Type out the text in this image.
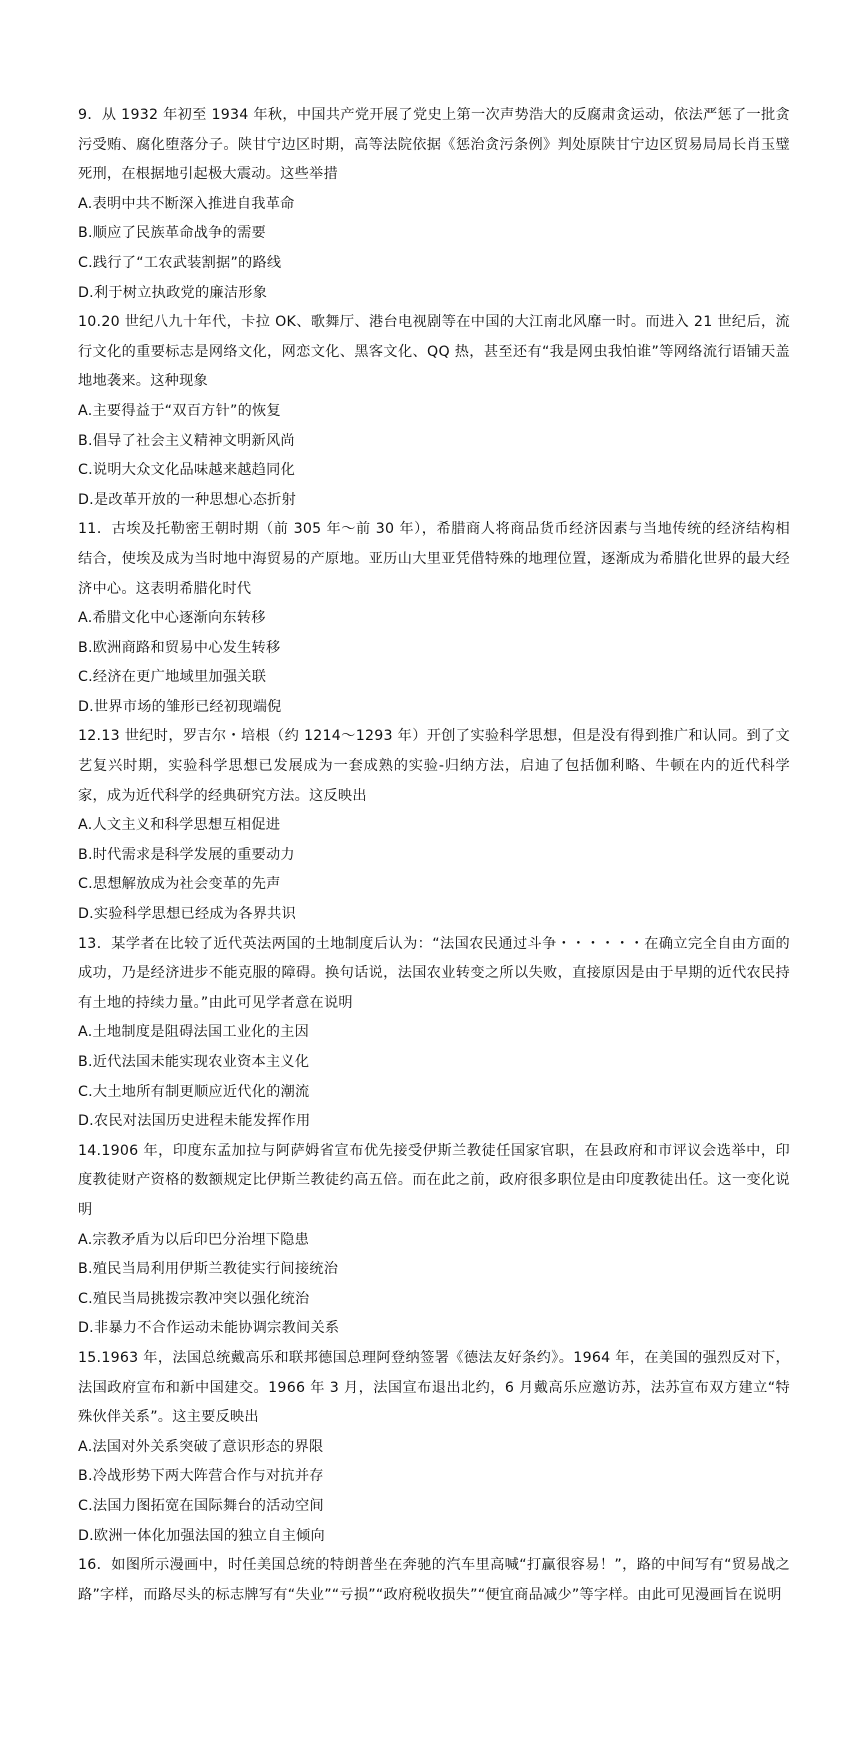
9．从 1932 年初至 1934 年秋，中国共产党开展了党史上第一次声势浩大的反腐肃贪运动，依法严惩了一批贪污受贿、腐化堕落分子。陕甘宁边区时期，高等法院依据《惩治贪污条例》判处原陕甘宁边区贸易局局长肖玉璧死刑，在根据地引起极大震动。这些举措

A.表明中共不断深入推进自我革命

B.顺应了民族革命战争的需要

C.践行了“工农武装割据”的路线

D.利于树立执政党的廉洁形象

10.20 世纪八九十年代，卡拉 OK、歌舞厅、港台电视剧等在中国的大江南北风靡一时。而进入 21 世纪后，流行文化的重要标志是网络文化，网恋文化、黑客文化、QQ 热，甚至还有“我是网虫我怕谁”等网络流行语铺天盖地地袭来。这种现象

A.主要得益于“双百方针”的恢复

B.倡导了社会主义精神文明新风尚

C.说明大众文化品味越来越趋同化

D.是改革开放的一种思想心态折射

11．古埃及托勒密王朝时期（前 305 年～前 30 年），希腊商人将商品货币经济因素与当地传统的经济结构相结合，使埃及成为当时地中海贸易的产原地。亚历山大里亚凭借特殊的地理位置，逐渐成为希腊化世界的最大经济中心。这表明希腊化时代

A.希腊文化中心逐渐向东转移

B.欧洲商路和贸易中心发生转移

C.经济在更广地域里加强关联

D.世界市场的雏形已经初现端倪

12.13 世纪时，罗吉尔・培根（约 1214～1293 年）开创了实验科学思想，但是没有得到推广和认同。到了文艺复兴时期，实验科学思想已发展成为一套成熟的实验-归纳方法，启迪了包括伽利略、牛顿在内的近代科学家，成为近代科学的经典研究方法。这反映出

A.人文主义和科学思想互相促进

B.时代需求是科学发展的重要动力

C.思想解放成为社会变革的先声

D.实验科学思想已经成为各界共识

13．某学者在比较了近代英法两国的土地制度后认为：“法国农民通过斗争・・・・・・在确立完全自由方面的成功，乃是经济进步不能克服的障碍。换句话说，法国农业转变之所以失败，直接原因是由于早期的近代农民持有土地的持续力量。”由此可见学者意在说明

A.土地制度是阻碍法国工业化的主因

B.近代法国未能实现农业资本主义化

C.大土地所有制更顺应近代化的潮流

D.农民对法国历史进程未能发挥作用

14.1906 年，印度东孟加拉与阿萨姆省宣布优先接受伊斯兰教徒任国家官职，在县政府和市评议会选举中，印度教徒财产资格的数额规定比伊斯兰教徒约高五倍。而在此之前，政府很多职位是由印度教徒出任。这一变化说明

A.宗教矛盾为以后印巴分治埋下隐患

B.殖民当局利用伊斯兰教徒实行间接统治

C.殖民当局挑拨宗教冲突以强化统治

D.非暴力不合作运动未能协调宗教间关系

15.1963 年，法国总统戴高乐和联邦德国总理阿登纳签署《德法友好条约》。1964 年，在美国的强烈反对下，法国政府宣布和新中国建交。1966 年 3 月，法国宣布退出北约，6 月戴高乐应邀访苏，法苏宣布双方建立“特殊伙伴关系”。这主要反映出

A.法国对外关系突破了意识形态的界限

B.冷战形势下两大阵营合作与对抗并存

C.法国力图拓宽在国际舞台的活动空间

D.欧洲一体化加强法国的独立自主倾向

16．如图所示漫画中，时任美国总统的特朗普坐在奔驰的汽车里高喊“打赢很容易！”，路的中间写有“贸易战之路”字样，而路尽头的标志牌写有“失业”“亏损”“政府税收损失”“便宜商品减少”等字样。由此可见漫画旨在说明
